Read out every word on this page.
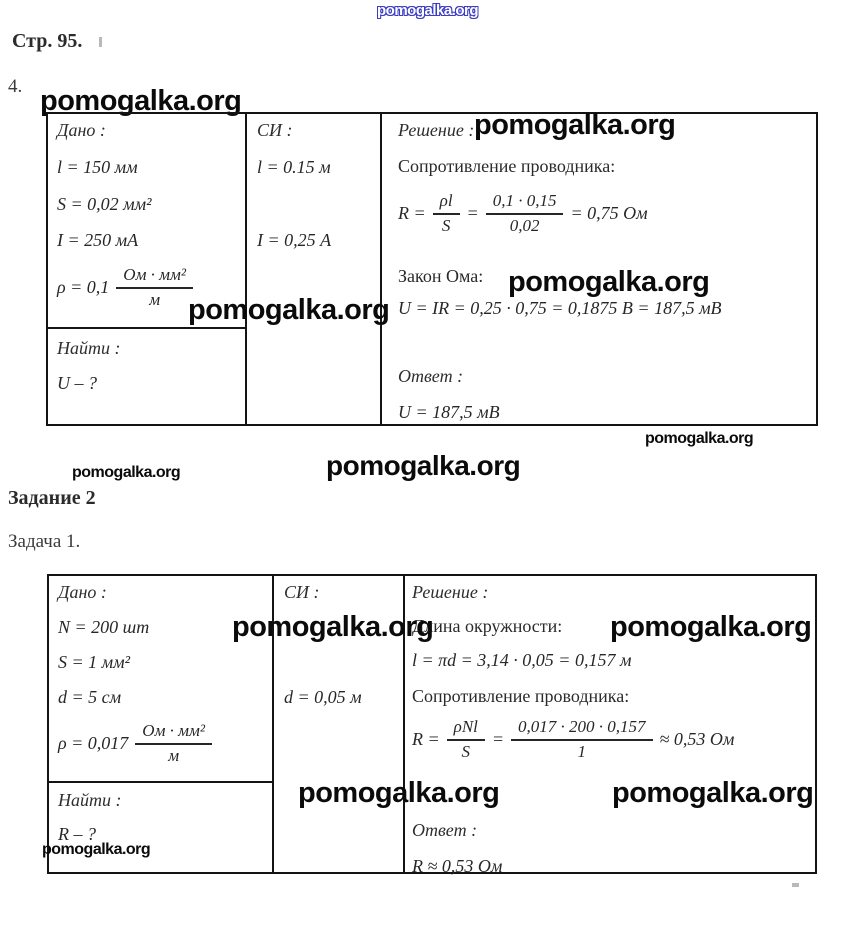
pomogalka.org
Стр. 95.
4. pomogalka.org
Дано :
l = 150 мм
S = 0,02 мм²
I = 250 мА
$\rho = 0,1 \frac{\text{Ом · мм²}}{м}$
Найти :
U – ?
СИ :
l = 0.15 м
I = 0,25 А
Решение :
Сопротивление проводника:
$R = \frac{\rho l}{S} = \frac{0,1 \cdot 0,15}{0,02} = 0,75$ Ом
Закон Ома:
U = IR = 0,25 · 0,75 = 0,1875 В = 187,5 мВ
Ответ :
U = 187,5 мВ
pomogalka.org
pomogalka.org
pomogalka.org
pomogalka.org
pomogalka.org	pomogalka.org
Задание 2
Задача 1.
Дано :
N = 200 шт
S = 1 мм²
d = 5 см
$\rho = 0,017 \frac{\text{Ом · мм²}}{м}$
Найти :
R – ?
СИ :
d = 0,05 м
Решение :
Длина окружности:
l = πd = 3,14 · 0,05 = 0,157 м
Сопротивление проводника:
$R = \frac{\text{ρNl}}{S} = \frac{0,017 \cdot 200 \cdot 0,157}{1} \approx 0,53$ Ом
Ответ :
R ≈ 0,53 Ом
pomogalka.org	pomogalka.org
pomogalka.org	pomogalka.org
pomogalka.org
